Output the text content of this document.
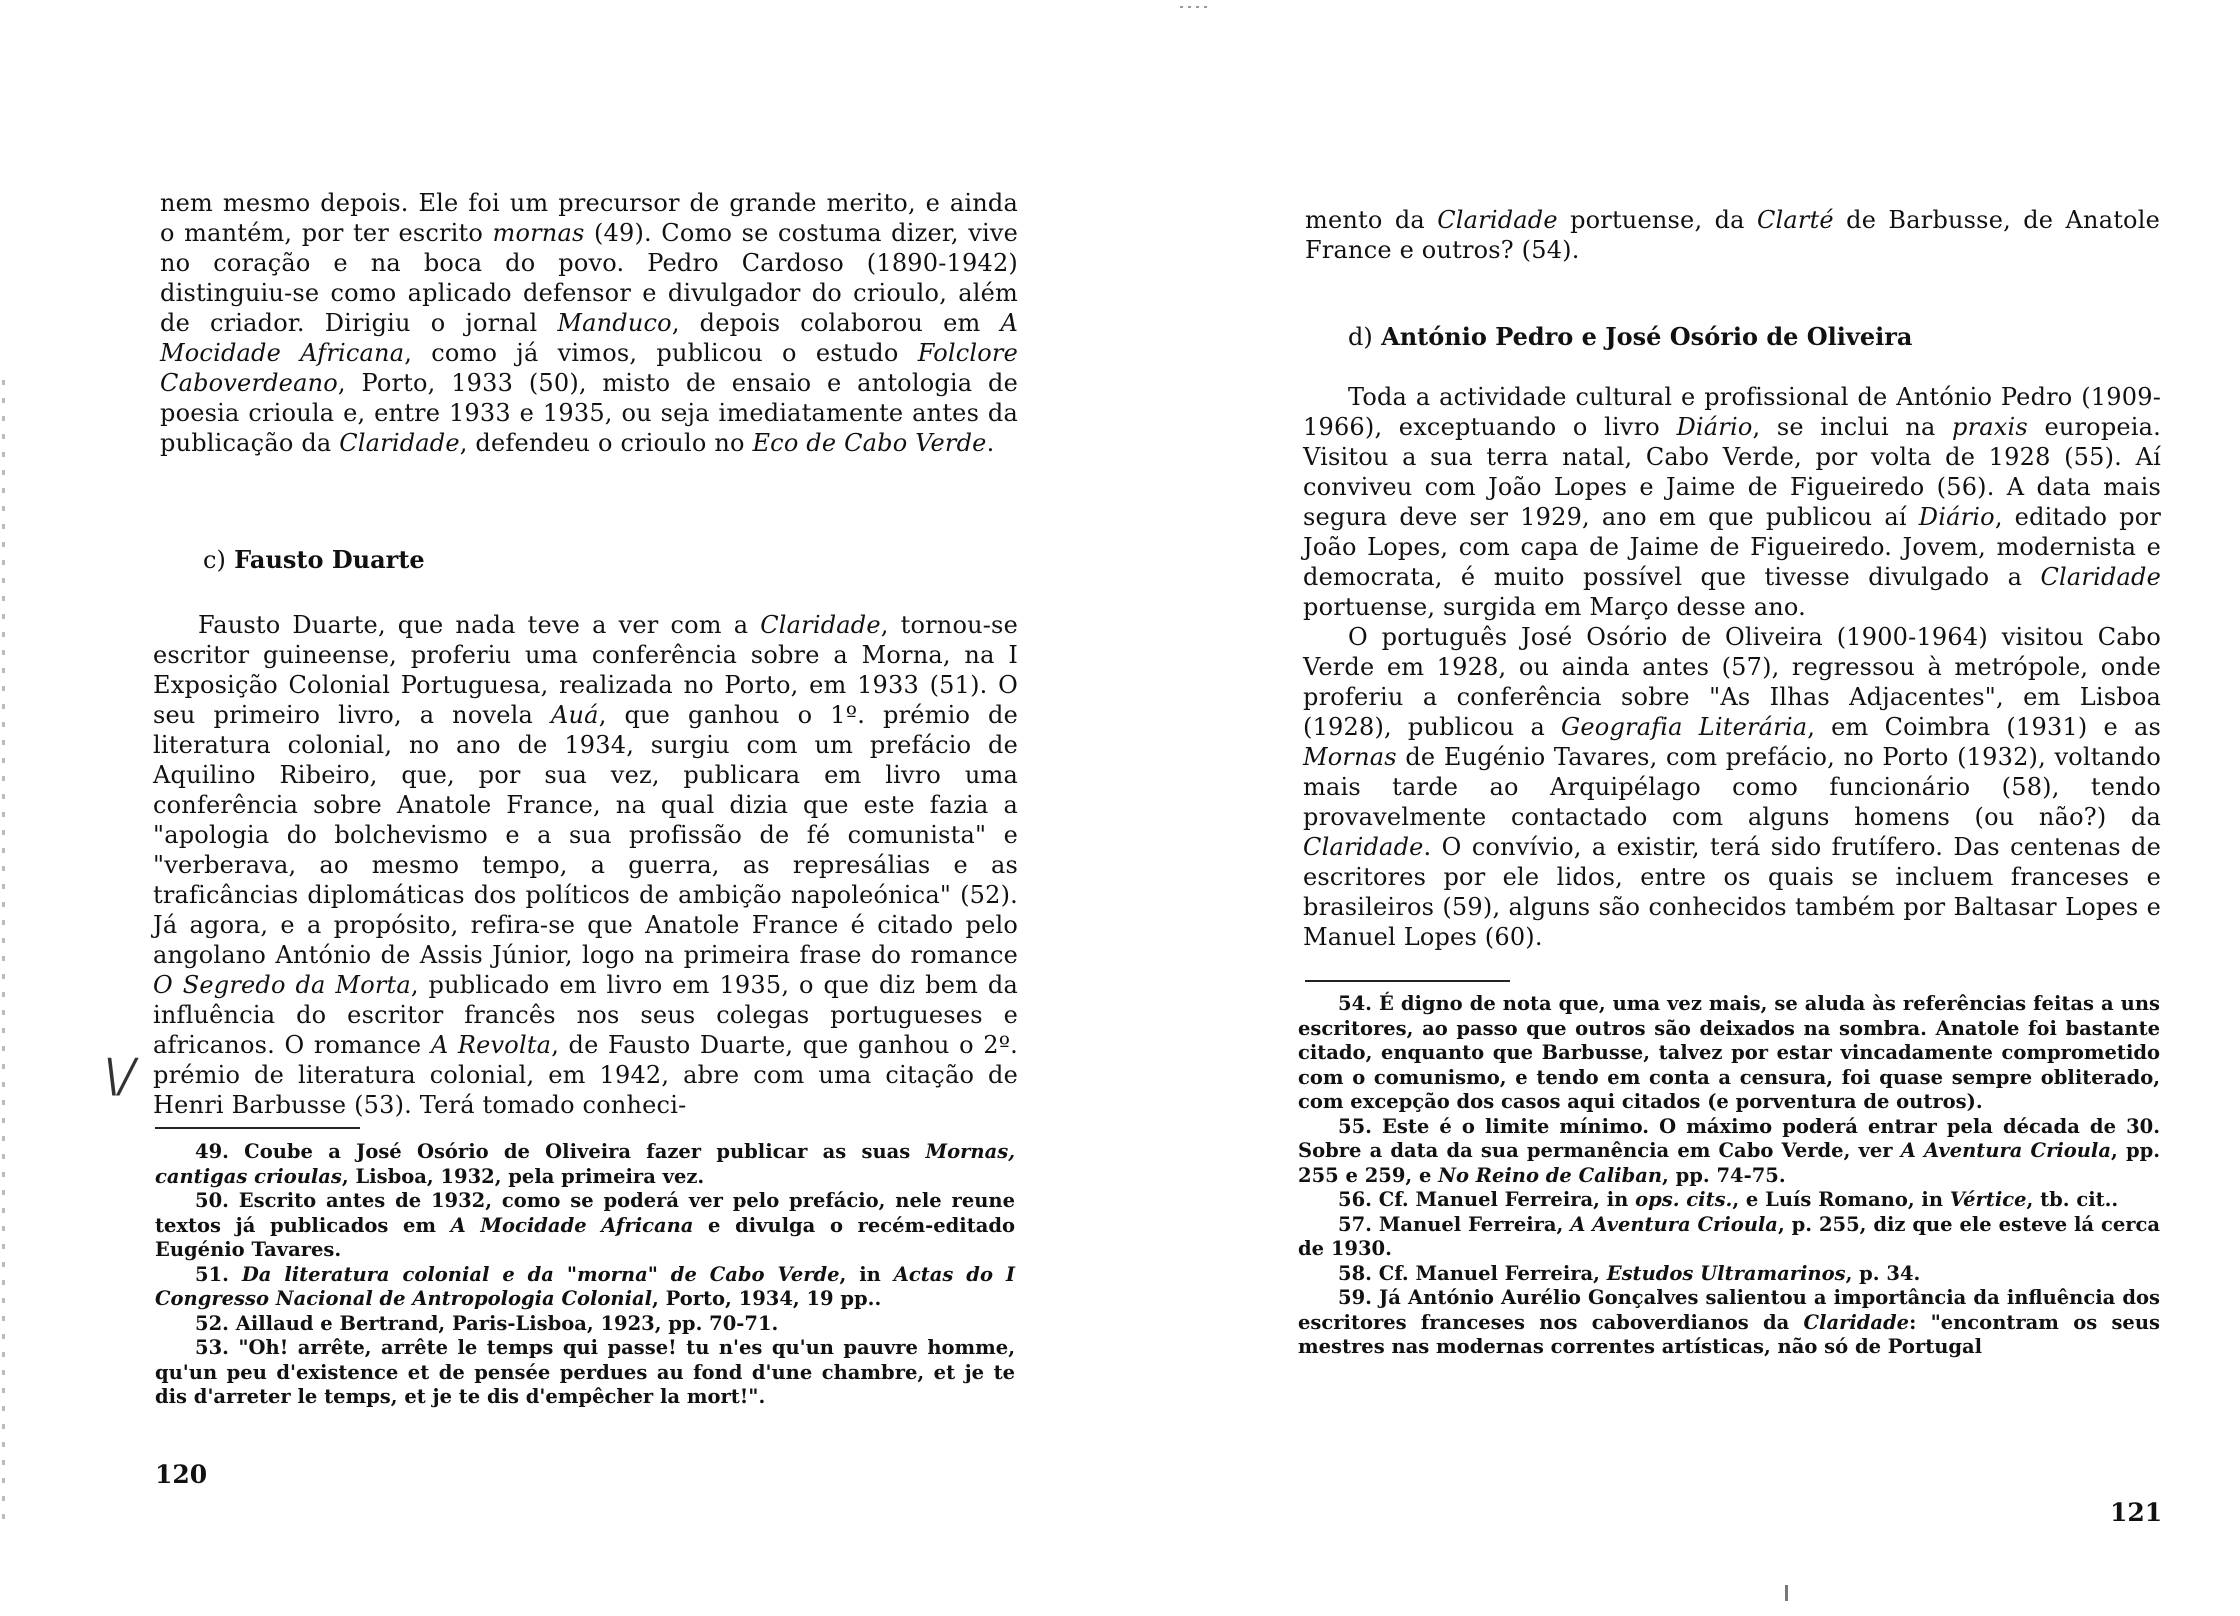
nem mesmo depois. Ele foi um precursor de grande merito, e ainda o mantém, por ter escrito mornas (49). Como se costuma dizer, vive no coração e na boca do povo. Pedro Cardoso (1890-1942) distinguiu-se como aplicado defensor e divulgador do crioulo, além de criador. Dirigiu o jornal Manduco, depois colaborou em A Mocidade Africana, como já vimos, publicou o estudo Folclore Caboverdeano, Porto, 1933 (50), misto de ensaio e antologia de poesia crioula e, entre 1933 e 1935, ou seja imediatamente antes da publicação da Claridade, defendeu o crioulo no Eco de Cabo Verde.

c) Fausto Duarte

Fausto Duarte, que nada teve a ver com a Claridade, tornou-se escritor guineense, proferiu uma conferência sobre a Morna, na I Exposição Colonial Portuguesa, realizada no Porto, em 1933 (51). O seu primeiro livro, a novela Auá, que ganhou o 1º. prémio de literatura colonial, no ano de 1934, surgiu com um prefácio de Aquilino Ribeiro, que, por sua vez, publicara em livro uma conferência sobre Anatole France, na qual dizia que este fazia a "apologia do bolchevismo e a sua profissão de fé comunista" e "verberava, ao mesmo tempo, a guerra, as represálias e as traficâncias diplomáticas dos políticos de ambição napoleónica" (52). Já agora, e a propósito, refira-se que Anatole France é citado pelo angolano António de Assis Júnior, logo na primeira frase do romance O Segredo da Morta, publicado em livro em 1935, o que diz bem da influência do escritor francês nos seus colegas portugueses e africanos. O romance A Revolta, de Fausto Duarte, que ganhou o 2º. prémio de literatura colonial, em 1942, abre com uma citação de Henri Barbusse (53). Terá tomado conheci-

\/

49. Coube a José Osório de Oliveira fazer publicar as suas Mornas, cantigas crioulas, Lisboa, 1932, pela primeira vez.

50. Escrito antes de 1932, como se poderá ver pelo prefácio, nele reune textos já publicados em A Mocidade Africana e divulga o recém-editado Eugénio Tavares.

51. Da literatura colonial e da "morna" de Cabo Verde, in Actas do I Congresso Nacional de Antropologia Colonial, Porto, 1934, 19 pp..

52. Aillaud e Bertrand, Paris-Lisboa, 1923, pp. 70-71.

53. "Oh! arrête, arrête le temps qui passe! tu n'es qu'un pauvre homme, qu'un peu d'existence et de pensée perdues au fond d'une chambre, et je te dis d'arreter le temps, et je te dis d'empêcher la mort!".

120

mento da Claridade portuense, da Clarté de Barbusse, de Anatole France e outros? (54).

d) António Pedro e José Osório de Oliveira

Toda a actividade cultural e profissional de António Pedro (1909-1966), exceptuando o livro Diário, se inclui na praxis europeia. Visitou a sua terra natal, Cabo Verde, por volta de 1928 (55). Aí conviveu com João Lopes e Jaime de Figueiredo (56). A data mais segura deve ser 1929, ano em que publicou aí Diário, editado por João Lopes, com capa de Jaime de Figueiredo. Jovem, modernista e democrata, é muito possível que tivesse divulgado a Claridade portuense, surgida em Março desse ano.

O português José Osório de Oliveira (1900-1964) visitou Cabo Verde em 1928, ou ainda antes (57), regressou à metrópole, onde proferiu a conferência sobre "As Ilhas Adjacentes", em Lisboa (1928), publicou a Geografia Literária, em Coimbra (1931) e as Mornas de Eugénio Tavares, com prefácio, no Porto (1932), voltando mais tarde ao Arquipélago como funcionário (58), tendo provavelmente contactado com alguns homens (ou não?) da Claridade. O convívio, a existir, terá sido frutífero. Das centenas de escritores por ele lidos, entre os quais se incluem franceses e brasileiros (59), alguns são conhecidos também por Baltasar Lopes e Manuel Lopes (60).

54. É digno de nota que, uma vez mais, se aluda às referências feitas a uns escritores, ao passo que outros são deixados na sombra. Anatole foi bastante citado, enquanto que Barbusse, talvez por estar vincadamente comprometido com o comunismo, e tendo em conta a censura, foi quase sempre obliterado, com excepção dos casos aqui citados (e porventura de outros).

55. Este é o limite mínimo. O máximo poderá entrar pela década de 30. Sobre a data da sua permanência em Cabo Verde, ver A Aventura Crioula, pp. 255 e 259, e No Reino de Caliban, pp. 74-75.

56. Cf. Manuel Ferreira, in ops. cits., e Luís Romano, in Vértice, tb. cit..

57. Manuel Ferreira, A Aventura Crioula, p. 255, diz que ele esteve lá cerca de 1930.

58. Cf. Manuel Ferreira, Estudos Ultramarinos, p. 34.

59. Já António Aurélio Gonçalves salientou a importância da influência dos escritores franceses nos caboverdianos da Claridade: "encontram os seus mestres nas modernas correntes artísticas, não só de Portugal

121
